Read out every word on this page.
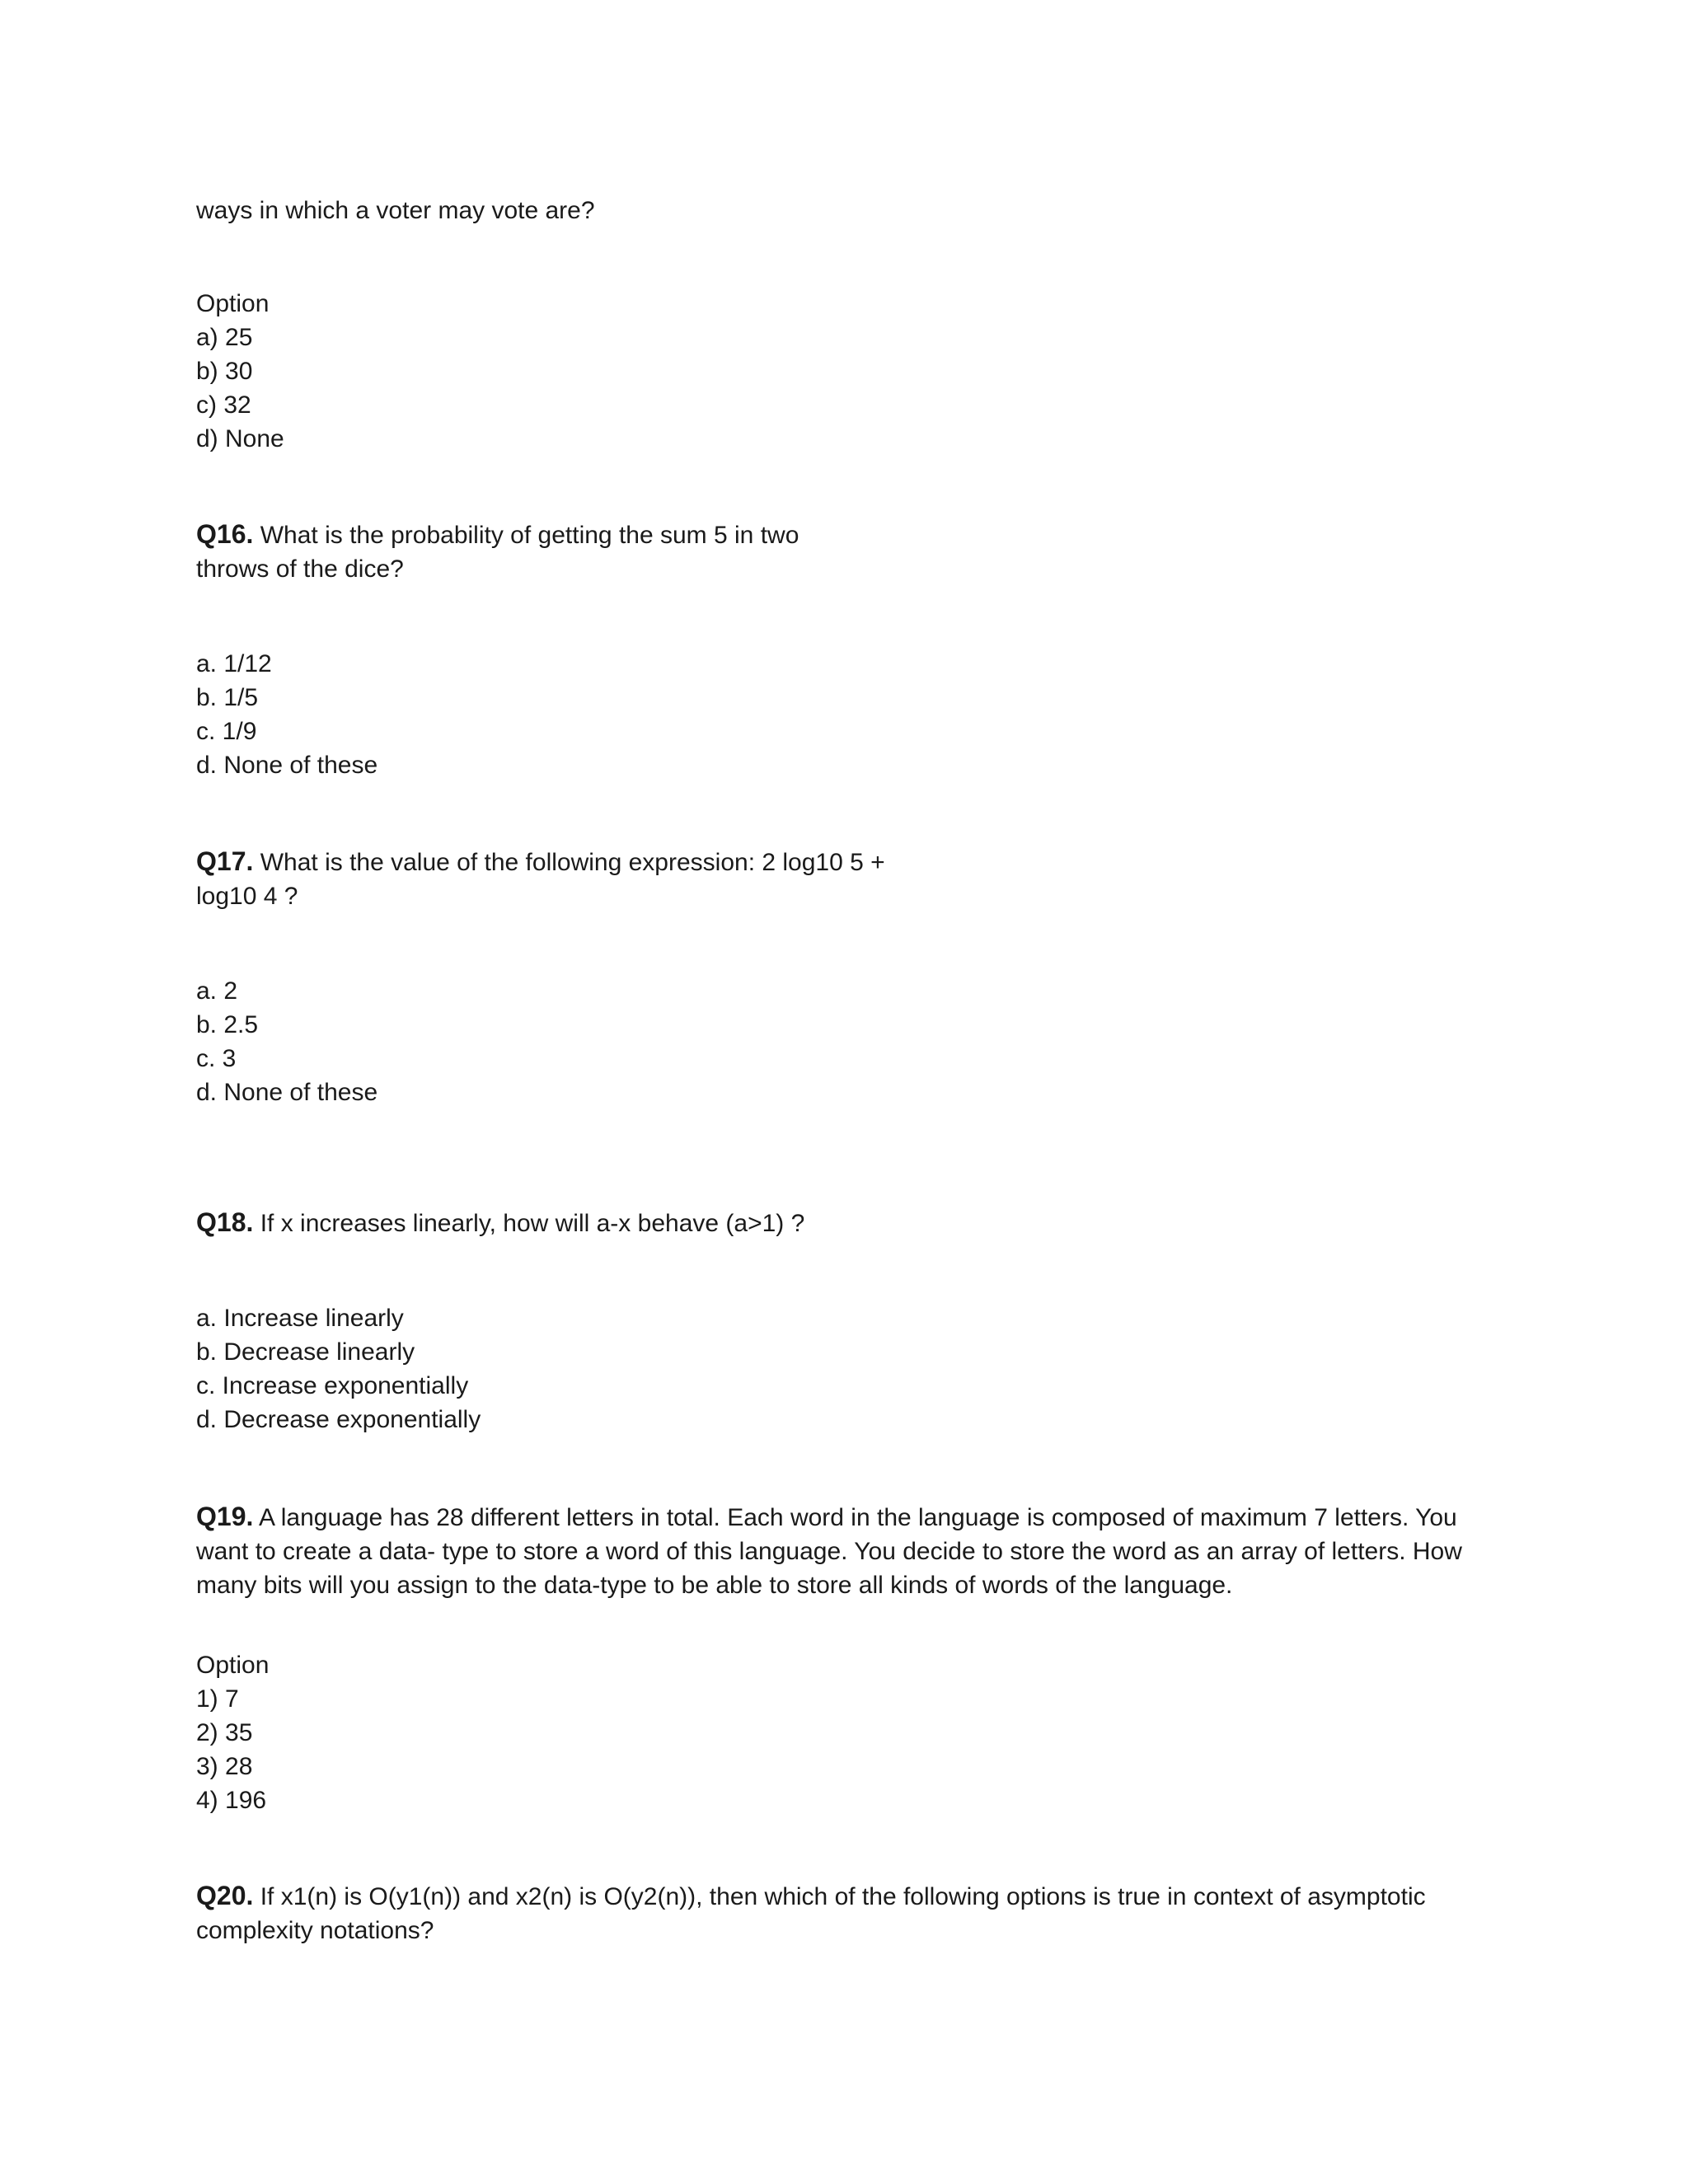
ways in which a voter may vote are?
Option
a) 25
b) 30
c) 32
d) None
Q16. What is the probability of getting the sum 5 in two
throws of the dice?
a. 1/12
b. 1/5
c. 1/9
d. None of these
Q17. What is the value of the following expression: 2 log10 5 +
log10 4 ?
a. 2
b. 2.5
c. 3
d. None of these
Q18. If x increases linearly, how will a-x behave (a>1) ?
a. Increase linearly
b. Decrease linearly
c. Increase exponentially
d. Decrease exponentially
Q19. A language has 28 different letters in total. Each word in the language is composed of maximum 7 letters. You
want to create a data- type to store a word of this language. You decide to store the word as an array of letters. How
many bits will you assign to the data-type to be able to store all kinds of words of the language.
Option
1) 7
2) 35
3) 28
4) 196
Q20. If x1(n) is O(y1(n)) and x2(n) is O(y2(n)), then which of the following options is true in context of asymptotic
complexity notations?
